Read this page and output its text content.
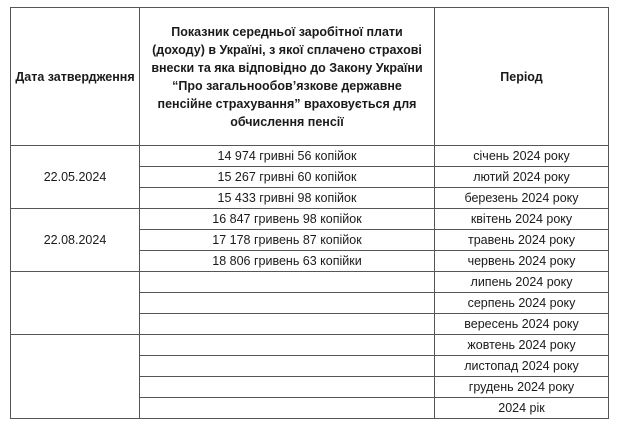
Дата затвердження	Показник середньої заробітної плати (доходу) в Україні, з якої сплачено страхові внески та яка відповідно до Закону України “Про загальнообов’язкове державне пенсійне страхування” враховується для обчислення пенсії	Період
22.05.2024	14 974 гривні 56 копійок	січень 2024 року
	15 267 гривні 60 копійок	лютий 2024 року
	15 433 гривні 98 копійок	березень 2024 року
22.08.2024	16 847 гривень 98 копійок	квітень 2024 року
	17 178 гривень 87 копійок	травень 2024 року
	18 806 гривень 63 копійки	червень 2024 року
		липень 2024 року
		серпень 2024 року
		вересень 2024 року
		жовтень 2024 року
		листопад 2024 року
		грудень 2024 року
		2024 рік
